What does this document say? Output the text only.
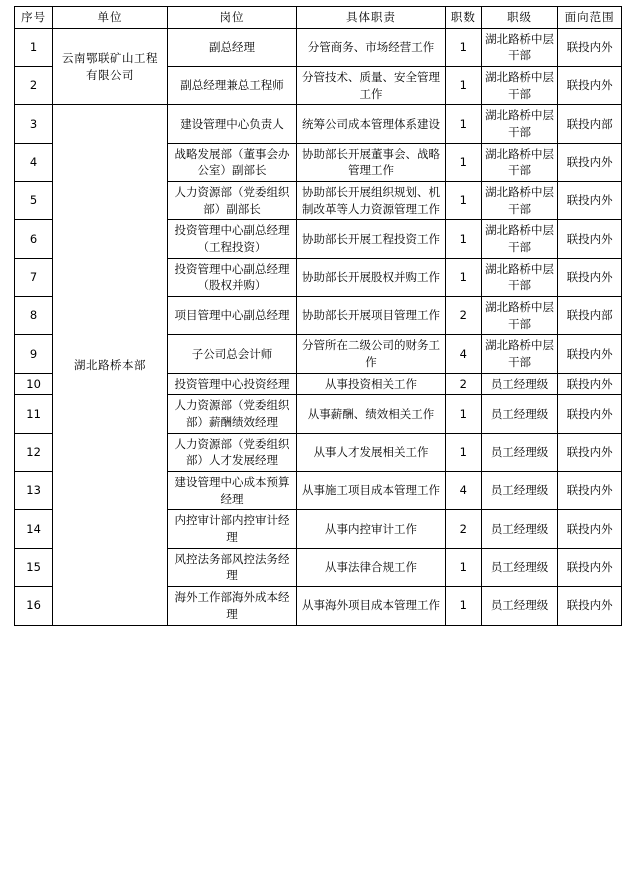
序号	单位	岗位	具体职责	职数	职级	面向范围
1	云南鄂联矿山工程有限公司	副总经理	分管商务、市场经营工作	1	湖北路桥中层干部	联投内外
2		副总经理兼总工程师	分管技术、质量、安全管理工作	1	湖北路桥中层干部	联投内外
3	湖北路桥本部	建设管理中心负责人	统筹公司成本管理体系建设	1	湖北路桥中层干部	联投内部
4		战略发展部（董事会办公室）副部长	协助部长开展董事会、战略管理工作	1	湖北路桥中层干部	联投内外
5		人力资源部（党委组织部）副部长	协助部长开展组织规划、机制改革等人力资源管理工作	1	湖北路桥中层干部	联投内外
6		投资管理中心副总经理（工程投资）	协助部长开展工程投资工作	1	湖北路桥中层干部	联投内外
7		投资管理中心副总经理（股权并购）	协助部长开展股权并购工作	1	湖北路桥中层干部	联投内外
8		项目管理中心副总经理	协助部长开展项目管理工作	2	湖北路桥中层干部	联投内部
9		子公司总会计师	分管所在二级公司的财务工作	4	湖北路桥中层干部	联投内外
10		投资管理中心投资经理	从事投资相关工作	2	员工经理级	联投内外
11		人力资源部（党委组织部）薪酬绩效经理	从事薪酬、绩效相关工作	1	员工经理级	联投内外
12		人力资源部（党委组织部）人才发展经理	从事人才发展相关工作	1	员工经理级	联投内外
13		建设管理中心成本预算经理	从事施工项目成本管理工作	4	员工经理级	联投内外
14		内控审计部内控审计经理	从事内控审计工作	2	员工经理级	联投内外
15		风控法务部风控法务经理	从事法律合规工作	1	员工经理级	联投内外
16		海外工作部海外成本经理	从事海外项目成本管理工作	1	员工经理级	联投内外
